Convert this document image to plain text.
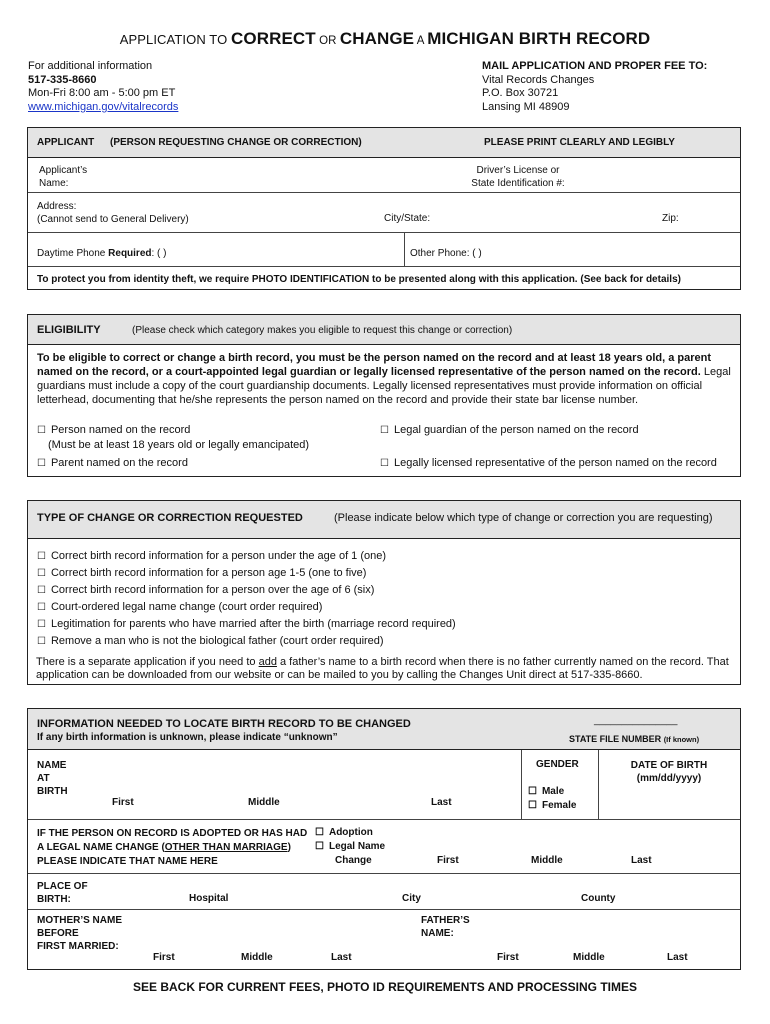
APPLICATION TO CORRECT OR CHANGE A MICHIGAN BIRTH RECORD
For additional information
517-335-8660
Mon-Fri 8:00 am - 5:00 pm ET
www.michigan.gov/vitalrecords
MAIL APPLICATION AND PROPER FEE TO:
Vital Records Changes
P.O. Box 30721
Lansing MI 48909
APPLICANT (PERSON REQUESTING CHANGE OR CORRECTION)	PLEASE PRINT CLEARLY AND LEGIBLY
Applicant’s
Name:
Driver’s License or
State Identification #:
Address:
(Cannot send to General Delivery)	City/State:	Zip:
Daytime Phone Required: ( )	Other Phone: ( )
To protect you from identity theft, we require PHOTO IDENTIFICATION to be presented along with this application. (See back for details)
ELIGIBILITY	(Please check which category makes you eligible to request this change or correction)
To be eligible to correct or change a birth record, you must be the person named on the record and at least 18 years old, a parent named on the record, or a court-appointed legal guardian or legally licensed representative of the person named on the record. Legal guardians must include a copy of the court guardianship documents. Legally licensed representatives must provide information on official letterhead, documenting that he/she represents the person named on the record and provide their state bar license number.
☐ Person named on the record
(Must be at least 18 years old or legally emancipated)
☐ Legal guardian of the person named on the record
☐ Parent named on the record	☐ Legally licensed representative of the person named on the record
TYPE OF CHANGE OR CORRECTION REQUESTED	(Please indicate below which type of change or correction you are requesting)
☐ Correct birth record information for a person under the age of 1 (one)
☐ Correct birth record information for a person age 1-5 (one to five)
☐ Correct birth record information for a person over the age of 6 (six)
☐ Court-ordered legal name change (court order required)
☐ Legitimation for parents who have married after the birth (marriage record required)
☐ Remove a man who is not the biological father (court order required)
There is a separate application if you need to add a father’s name to a birth record when there is no father currently named on the record. That application can be downloaded from our website or can be mailed to you by calling the Changes Unit direct at 517-335-8660.
INFORMATION NEEDED TO LOCATE BIRTH RECORD TO BE CHANGED
If any birth information is unknown, please indicate “unknown”
_______________
STATE FILE NUMBER (If known)
NAME
AT
BIRTH
First	Middle	Last
GENDER
☐ Male
☐ Female
DATE OF BIRTH
(mm/dd/yyyy)
IF THE PERSON ON RECORD IS ADOPTED OR HAS HAD
A LEGAL NAME CHANGE (OTHER THAN MARRIAGE)
PLEASE INDICATE THAT NAME HERE
☐ Adoption
☐ Legal Name
Change	First	Middle	Last
PLACE OF
BIRTH:	Hospital	City	County
MOTHER’S NAME
BEFORE
FIRST MARRIED:
First	Middle	Last
FATHER’S
NAME:
First	Middle	Last
SEE BACK FOR CURRENT FEES, PHOTO ID REQUIREMENTS AND PROCESSING TIMES
